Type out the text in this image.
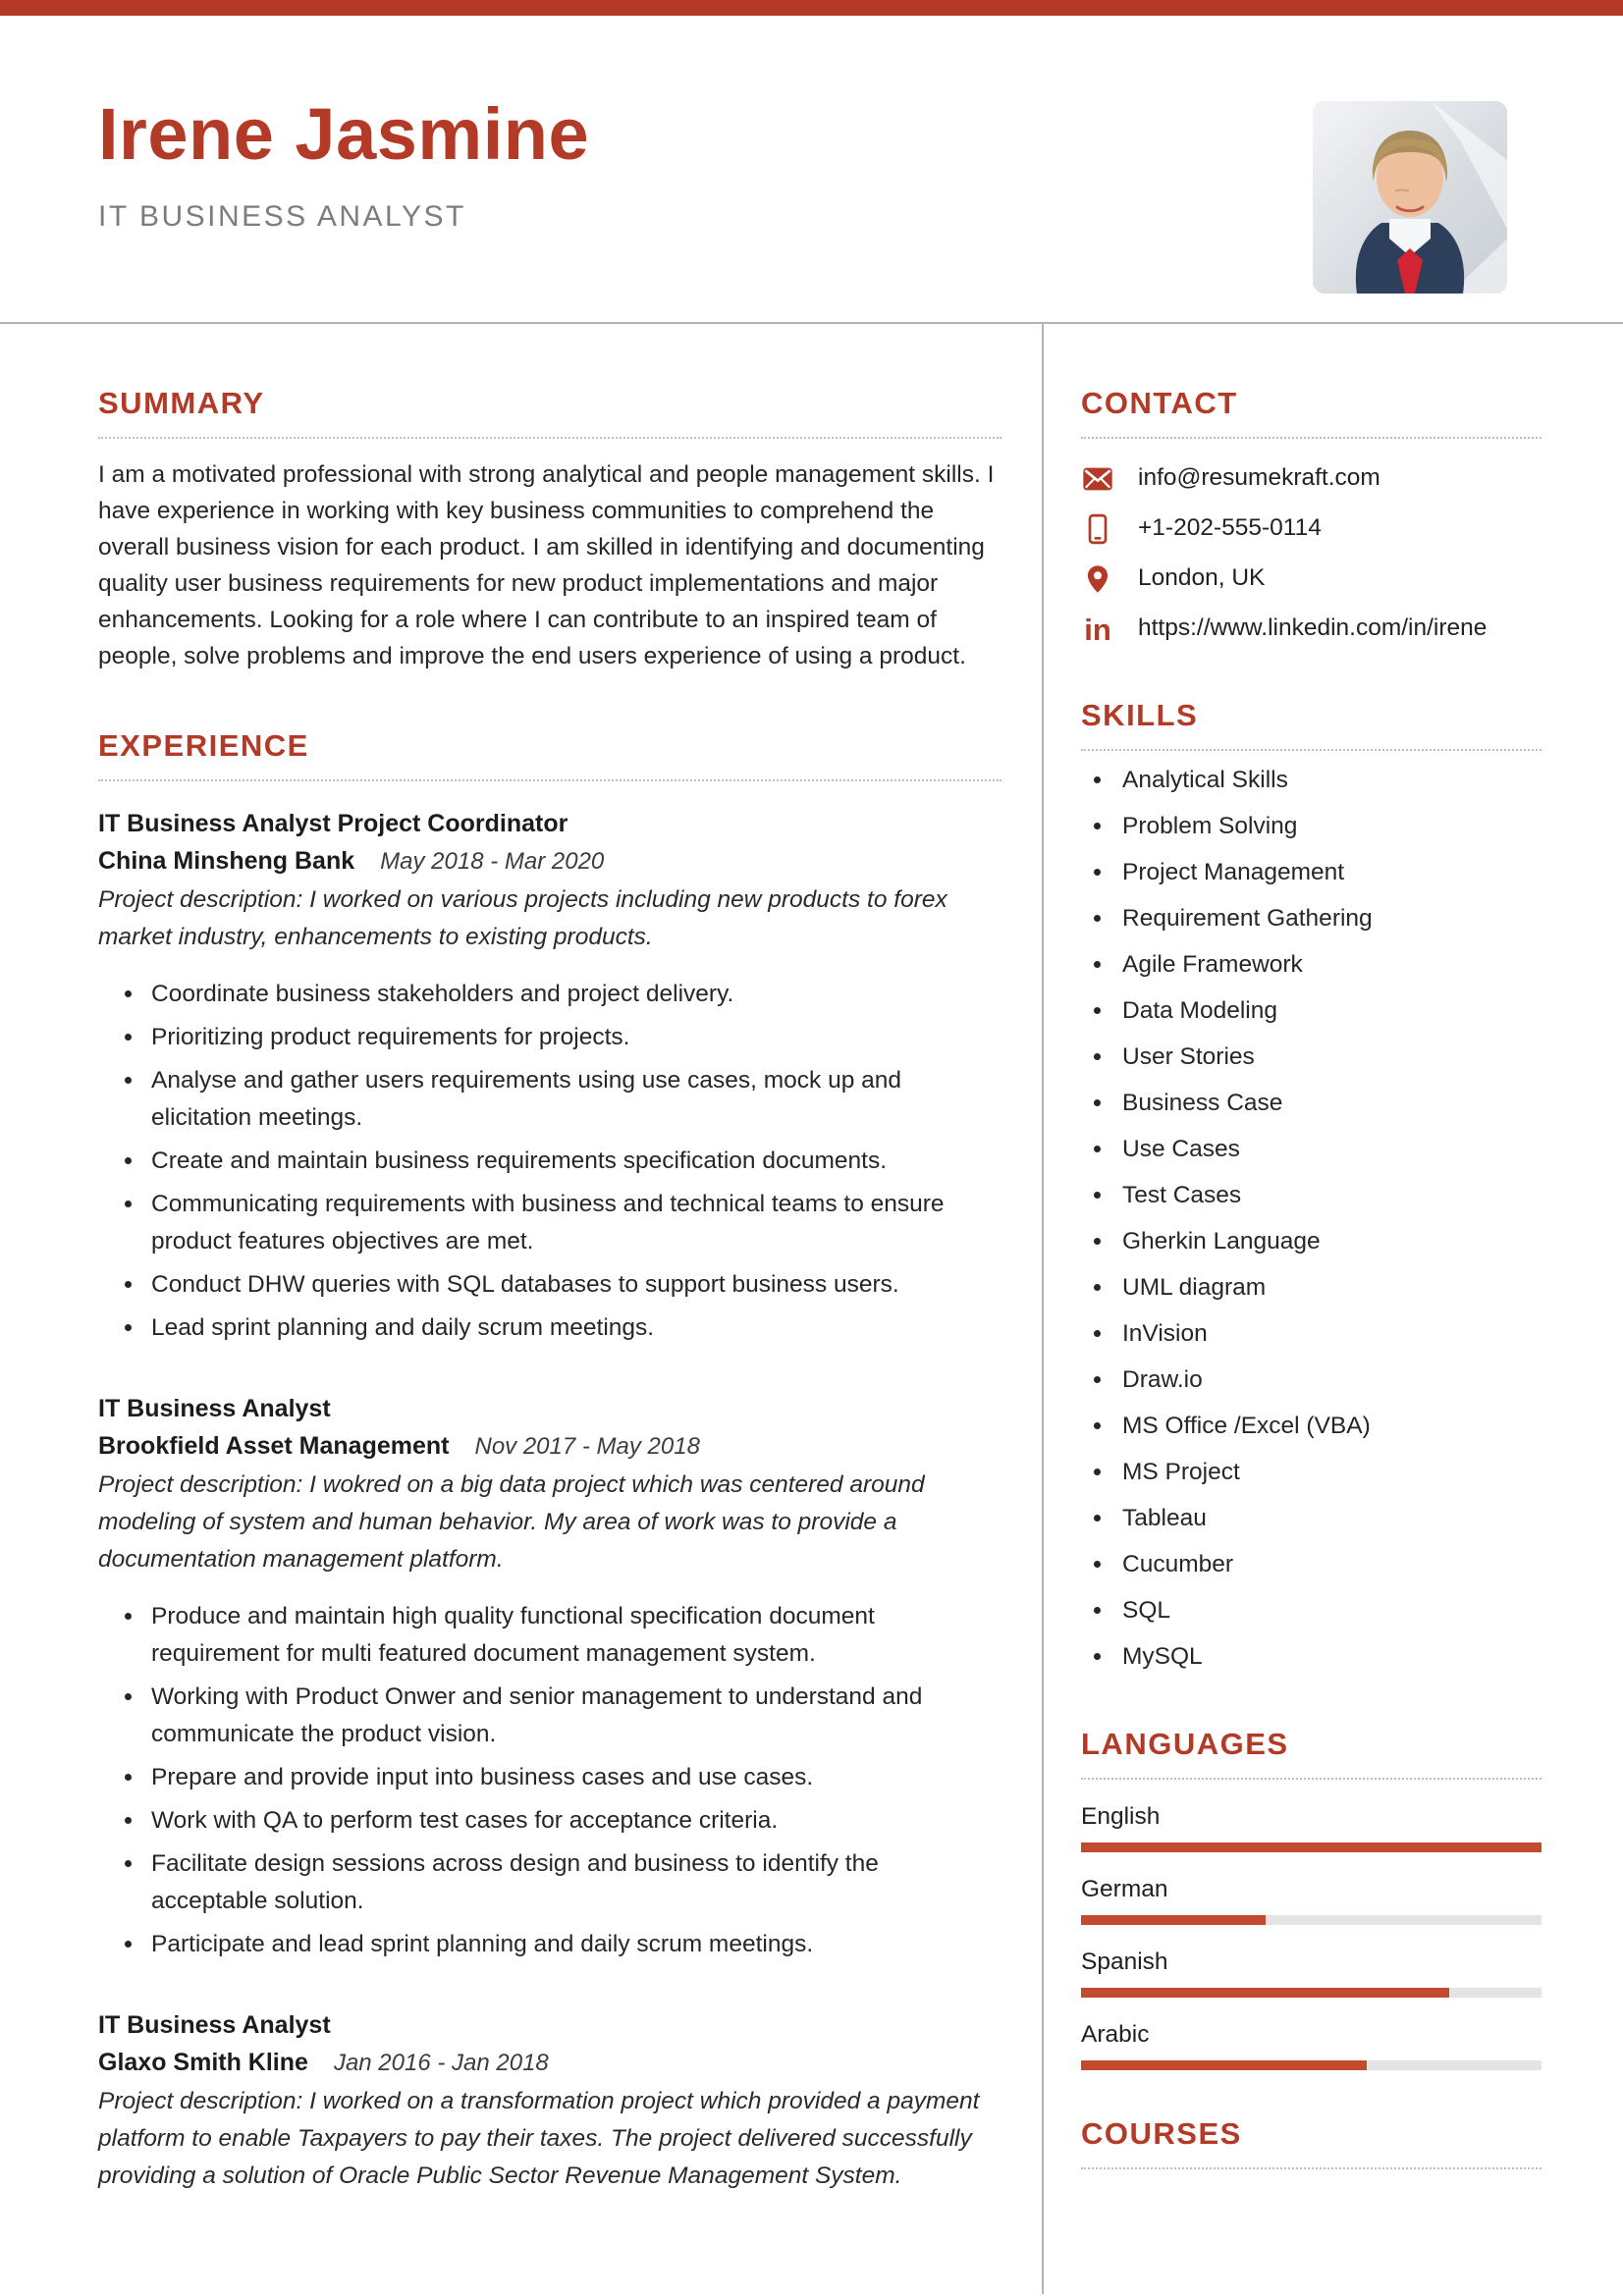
Irene Jasmine
IT BUSINESS ANALYST
SUMMARY

I am a motivated professional with strong analytical and people management skills. I have experience in working with key business communities to comprehend the overall business vision for each product. I am skilled in identifying and documenting quality user business requirements for new product implementations and major enhancements. Looking for a role where I can contribute to an inspired team of people, solve problems and improve the end users experience of using a product.

EXPERIENCE
IT Business Analyst Project Coordinator
China Minsheng Bank May 2018 - Mar 2020

Project description: I worked on various projects including new products to forex market industry, enhancements to existing products.

• Coordinate business stakeholders and project delivery.
• Prioritizing product requirements for projects.
• Analyse and gather users requirements using use cases, mock up and elicitation meetings.
• Create and maintain business requirements specification documents.
• Communicating requirements with business and technical teams to ensure product features objectives are met.
• Conduct DHW queries with SQL databases to support business users.
• Lead sprint planning and daily scrum meetings.
IT Business Analyst
Brookfield Asset Management Nov 2017 - May 2018

Project description: I wokred on a big data project which was centered around modeling of system and human behavior. My area of work was to provide a documentation management platform.

• Produce and maintain high quality functional specification document requirement for multi featured document management system.
• Working with Product Onwer and senior management to understand and communicate the product vision.
• Prepare and provide input into business cases and use cases.
• Work with QA to perform test cases for acceptance criteria.
• Facilitate design sessions across design and business to identify the acceptable solution.
• Participate and lead sprint planning and daily scrum meetings.
IT Business Analyst
Glaxo Smith Kline Jan 2016 - Jan 2018

Project description: I worked on a transformation project which provided a payment platform to enable Taxpayers to pay their taxes. The project delivered successfully providing a solution of Oracle Public Sector Revenue Management System.

CONTACT
info@resumekraft.com
+1-202-555-0114
London, UK
in https://www.linkedin.com/in/irene
SKILLS
• Analytical Skills
• Problem Solving
• Project Management
• Requirement Gathering
• Agile Framework
• Data Modeling
• User Stories
• Business Case
• Use Cases
• Test Cases
• Gherkin Language
• UML diagram
• InVision
• Draw.io
• MS Office /Excel (VBA)
• MS Project
• Tableau
• Cucumber
• SQL
• MySQL
LANGUAGES
English
German
Spanish
Arabic
COURSES
